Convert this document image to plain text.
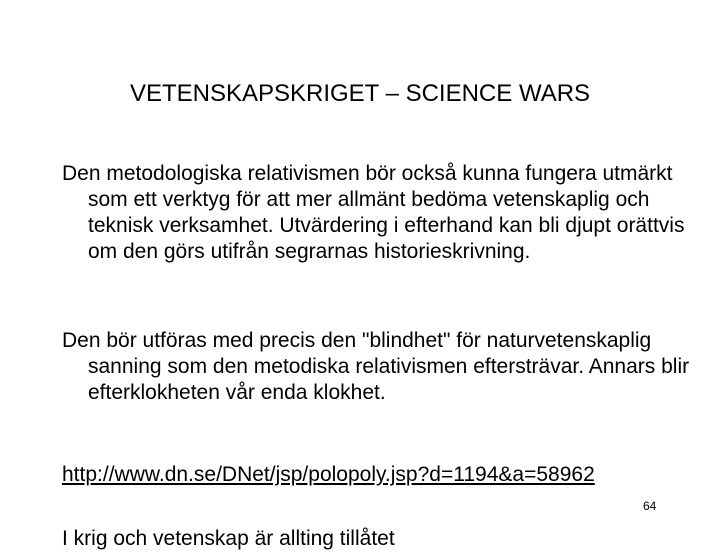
VETENSKAPSKRIGET – SCIENCE WARS

Den metodologiska relativismen bör också kunna fungera utmärkt som ett verktyg för att mer allmänt bedöma vetenskaplig och teknisk verksamhet. Utvärdering i efterhand kan bli djupt orättvis om den görs utifrån segrarnas historieskrivning.

Den bör utföras med precis den "blindhet" för naturvetenskaplig sanning som den metodiska relativismen eftersträvar. Annars blir efterklokheten vår enda klokhet.

http://www.dn.se/DNet/jsp/polopoly.jsp?d=1194&a=58962

64
I krig och vetenskap är allting tillåtet
